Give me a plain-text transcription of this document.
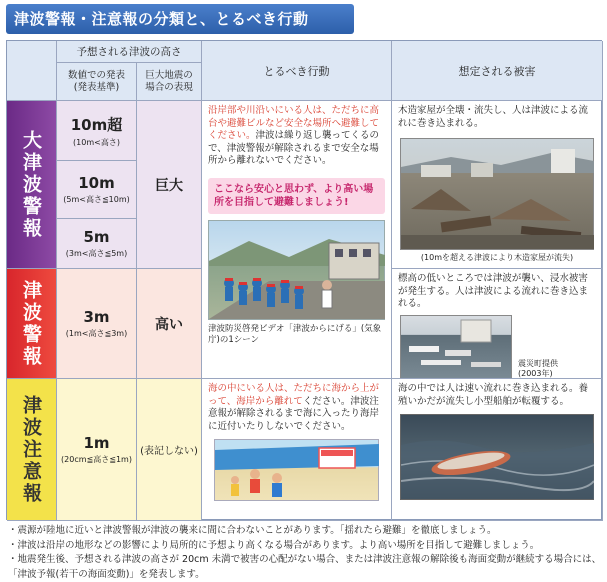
津波警報・注意報の分類と、とるべき行動
予想される津波の高さ
とるべき行動	想定される被害
数値での発表
(発表基準)
巨大地震の
場合の表現
大津波警報
津波警報
津波注意報
10m超
(10m<高さ)
10m
(5m<高さ≦10m)
5m
(3m<高さ≦5m)
3m
(1m<高さ≦3m)
1m
(20cm≦高さ≦1m)
巨大
高い
(表記しない)
沿岸部や川沿いにいる人は、ただちに高台や避難ビルなど安全な場所へ避難してください。津波は繰り返し襲ってくるので、津波警報が解除されるまで安全な場所から離れないでください。
ここなら安心と思わず、より高い場所を目指して避難しましょう!
津波防災啓発ビデオ「津波からにげる」(気象庁)の1シーン
海の中にいる人は、ただちに海から上がって、海岸から離れてください。津波注意報が解除されるまで海に入ったり海岸に近付いたりしないでください。
木造家屋が全壊・流失し、人は津波による流れに巻き込まれる。
(10mを超える津波により木造家屋が流失)
標高の低いところでは津波が襲い、浸水被害が発生する。人は津波による流れに巻き込まれる。
震災町提供
(2003年)
海の中では人は速い流れに巻き込まれる。養殖いかだが流失し小型船舶が転覆する。
・震源が陸地に近いと津波警報が津波の襲来に間に合わないことがあります。「揺れたら避難」を徹底しましょう。
・津波は沿岸の地形などの影響により局所的に予想より高くなる場合があります。より高い場所を目指して避難しましょう。
・地震発生後、予想される津波の高さが 20cm 未満で被害の心配がない場合、または津波注意報の解除後も海面変動が継続する場合には、「津波予報(若干の海面変動)」を発表します。
